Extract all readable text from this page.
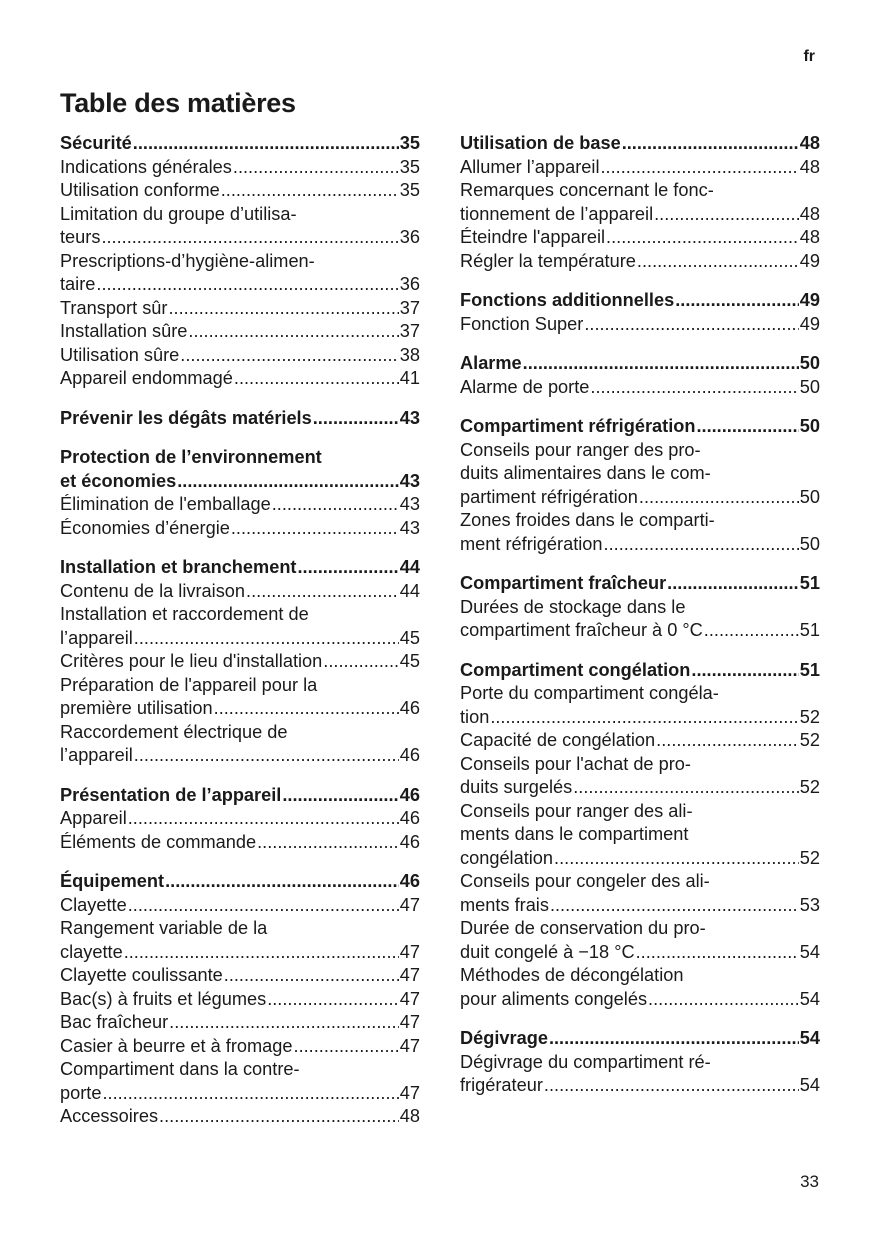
fr
Table des matières
Sécurité .....	35
Indications générales .....	35
Utilisation conforme .....	35
Limitation du groupe d’utilisa-
teurs .....	36
Prescriptions-d’hygiène-alimen-
taire .....	36
Transport sûr .....	37
Installation sûre .....	37
Utilisation sûre .....	38
Appareil endommagé .....	41
Prévenir les dégâts matériels .....	43
Protection de l’environnement
et économies .....	43
Élimination de l'emballage .....	43
Économies d’énergie .....	43
Installation et branchement .....	44
Contenu de la livraison .....	44
Installation et raccordement de
l’appareil .....	45
Critères pour le lieu d'installation .....	45
Préparation de l'appareil pour la
première utilisation .....	46
Raccordement électrique de
l’appareil .....	46
Présentation de l’appareil .....	46
Appareil .....	46
Éléments de commande .....	46
Équipement .....	46
Clayette .....	47
Rangement variable de la
clayette .....	47
Clayette coulissante .....	47
Bac(s) à fruits et légumes .....	47
Bac fraîcheur .....	47
Casier à beurre et à fromage .....	47
Compartiment dans la contre-
porte .....	47
Accessoires .....	48
Utilisation de base .....	48
Allumer l’appareil .....	48
Remarques concernant le fonc-
tionnement de l’appareil .....	48
Éteindre l'appareil .....	48
Régler la température .....	49
Fonctions additionnelles .....	49
Fonction Super .....	49
Alarme .....	50
Alarme de porte .....	50
Compartiment réfrigération .....	50
Conseils pour ranger des pro-
duits alimentaires dans le com-
partiment réfrigération .....	50
Zones froides dans le comparti-
ment réfrigération .....	50
Compartiment fraîcheur .....	51
Durées de stockage dans le
compartiment fraîcheur à 0 °C .....	51
Compartiment congélation .....	51
Porte du compartiment congéla-
tion .....	52
Capacité de congélation .....	52
Conseils pour l'achat de pro-
duits surgelés .....	52
Conseils pour ranger des ali-
ments dans le compartiment
congélation .....	52
Conseils pour congeler des ali-
ments frais .....	53
Durée de conservation du pro-
duit congelé à −18 °C .....	54
Méthodes de décongélation
pour aliments congelés .....	54
Dégivrage .....	54
Dégivrage du compartiment ré-
frigérateur .....	54
33
